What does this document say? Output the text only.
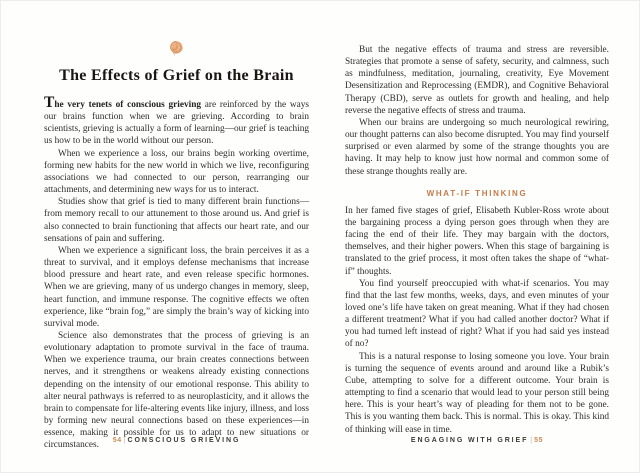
The Effects of Grief on the Brain

The very tenets of conscious grieving are reinforced by the ways our brains function when we are grieving. According to brain scientists, grieving is actually a form of learning—our grief is teaching us how to be in the world without our person.

When we experience a loss, our brains begin working overtime, forming new habits for the new world in which we live, reconfiguring associations we had connected to our person, rearranging our attachments, and determining new ways for us to interact.

Studies show that grief is tied to many different brain functions—from memory recall to our attunement to those around us. And grief is also connected to brain functioning that affects our heart rate, and our sensations of pain and suffering.

When we experience a significant loss, the brain perceives it as a threat to survival, and it employs defense mechanisms that increase blood pressure and heart rate, and even release specific hormones. When we are grieving, many of us undergo changes in memory, sleep, heart function, and immune response. The cognitive effects we often experience, like “brain fog,” are simply the brain’s way of kicking into survival mode.

Science also demonstrates that the process of grieving is an evolutionary adaptation to promote survival in the face of trauma. When we experience trauma, our brain creates connections between nerves, and it strengthens or weakens already existing connections depending on the intensity of our emotional response. This ability to alter neural pathways is referred to as neuroplasticity, and it allows the brain to compensate for life-altering events like injury, illness, and loss by forming new neural connections based on these experiences—in essence, making it possible for us to adapt to new situations or circumstances.	54 | CONSCIOUS GRIEVING

But the negative effects of trauma and stress are reversible. Strategies that promote a sense of safety, security, and calmness, such as mindfulness, meditation, journaling, creativity, Eye Movement Desensitization and Reprocessing (EMDR), and Cognitive Behavioral Therapy (CBD), serve as outlets for growth and healing, and help reverse the negative effects of stress and trauma.

When our brains are undergoing so much neurological rewiring, our thought patterns can also become disrupted. You may find yourself surprised or even alarmed by some of the strange thoughts you are having. It may help to know just how normal and common some of these strange thoughts really are.

WHAT-IF THINKING

In her famed five stages of grief, Elisabeth Kubler-Ross wrote about the bargaining process a dying person goes through when they are facing the end of their life. They may bargain with the doctors, themselves, and their higher powers. When this stage of bargaining is translated to the grief process, it most often takes the shape of “what-if” thoughts.

You find yourself preoccupied with what-if scenarios. You may find that the last few months, weeks, days, and even minutes of your loved one’s life have taken on great meaning. What if they had chosen a different treatment? What if you had called another doctor? What if you had turned left instead of right? What if you had said yes instead of no?

This is a natural response to losing someone you love. Your brain is turning the sequence of events around and around like a Rubik’s Cube, attempting to solve for a different outcome. Your brain is attempting to find a scenario that would lead to your person still being here. This is your heart’s way of pleading for them not to be gone. This is you wanting them back. This is normal. This is okay. This kind of thinking will ease in time.

ENGAGING WITH GRIEF | 55
